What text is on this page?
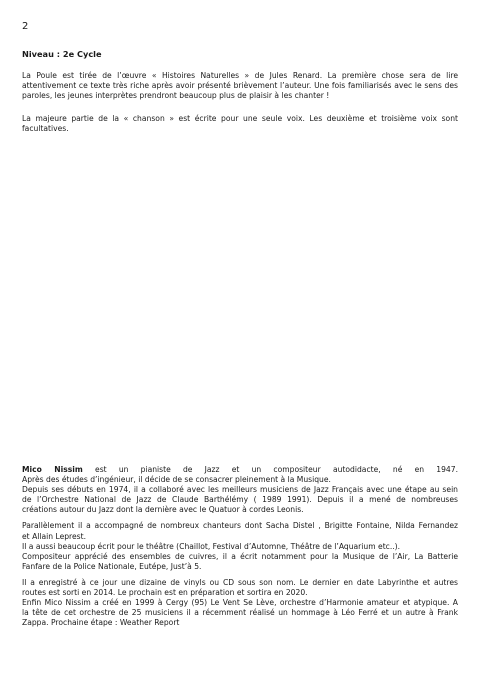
2
Niveau : 2e Cycle

La Poule est tirée de l’œuvre « Histoires Naturelles » de Jules Renard. La première chose sera de lire attentivement ce texte très riche après avoir présenté brièvement l’auteur. Une fois familiarisés avec le sens des paroles, les jeunes interprètes prendront beaucoup plus de plaisir à les chanter !

La majeure partie de la « chanson » est écrite pour une seule voix. Les deuxième et troisième voix sont facultatives.

Mico Nissim est un pianiste de Jazz et un compositeur autodidacte, né en 1947.
Après des études d’ingénieur, il décide de se consacrer pleinement à la Musique.
Depuis ses débuts en 1974, il a collaboré avec les meilleurs musiciens de Jazz Français avec une étape au sein
de l’Orchestre National de Jazz de Claude Barthélémy ( 1989 1991). Depuis il a mené de nombreuses
créations autour du Jazz dont la dernière avec le Quatuor à cordes Leonis.
Parallèlement il a accompagné de nombreux chanteurs dont Sacha Distel , Brigitte Fontaine, Nilda Fernandez
et Allain Leprest.
Il a aussi beaucoup écrit pour le théâtre (Chaillot, Festival d’Automne, Théâtre de l’Aquarium etc..).
Compositeur apprécié des ensembles de cuivres, il a écrit notamment pour la Musique de l’Air, La Batterie
Fanfare de la Police Nationale, Eutépe, Just’à 5.
Il a enregistré à ce jour une dizaine de vinyls ou CD sous son nom. Le dernier en date Labyrinthe et autres
routes est sorti en 2014. Le prochain est en préparation et sortira en 2020.
Enfin Mico Nissim a créé en 1999 à Cergy (95) Le Vent Se Lève, orchestre d’Harmonie amateur et atypique. A
la tête de cet orchestre de 25 musiciens il a récemment réalisé un hommage à Léo Ferré et un autre à Frank
Zappa. Prochaine étape : Weather Report
